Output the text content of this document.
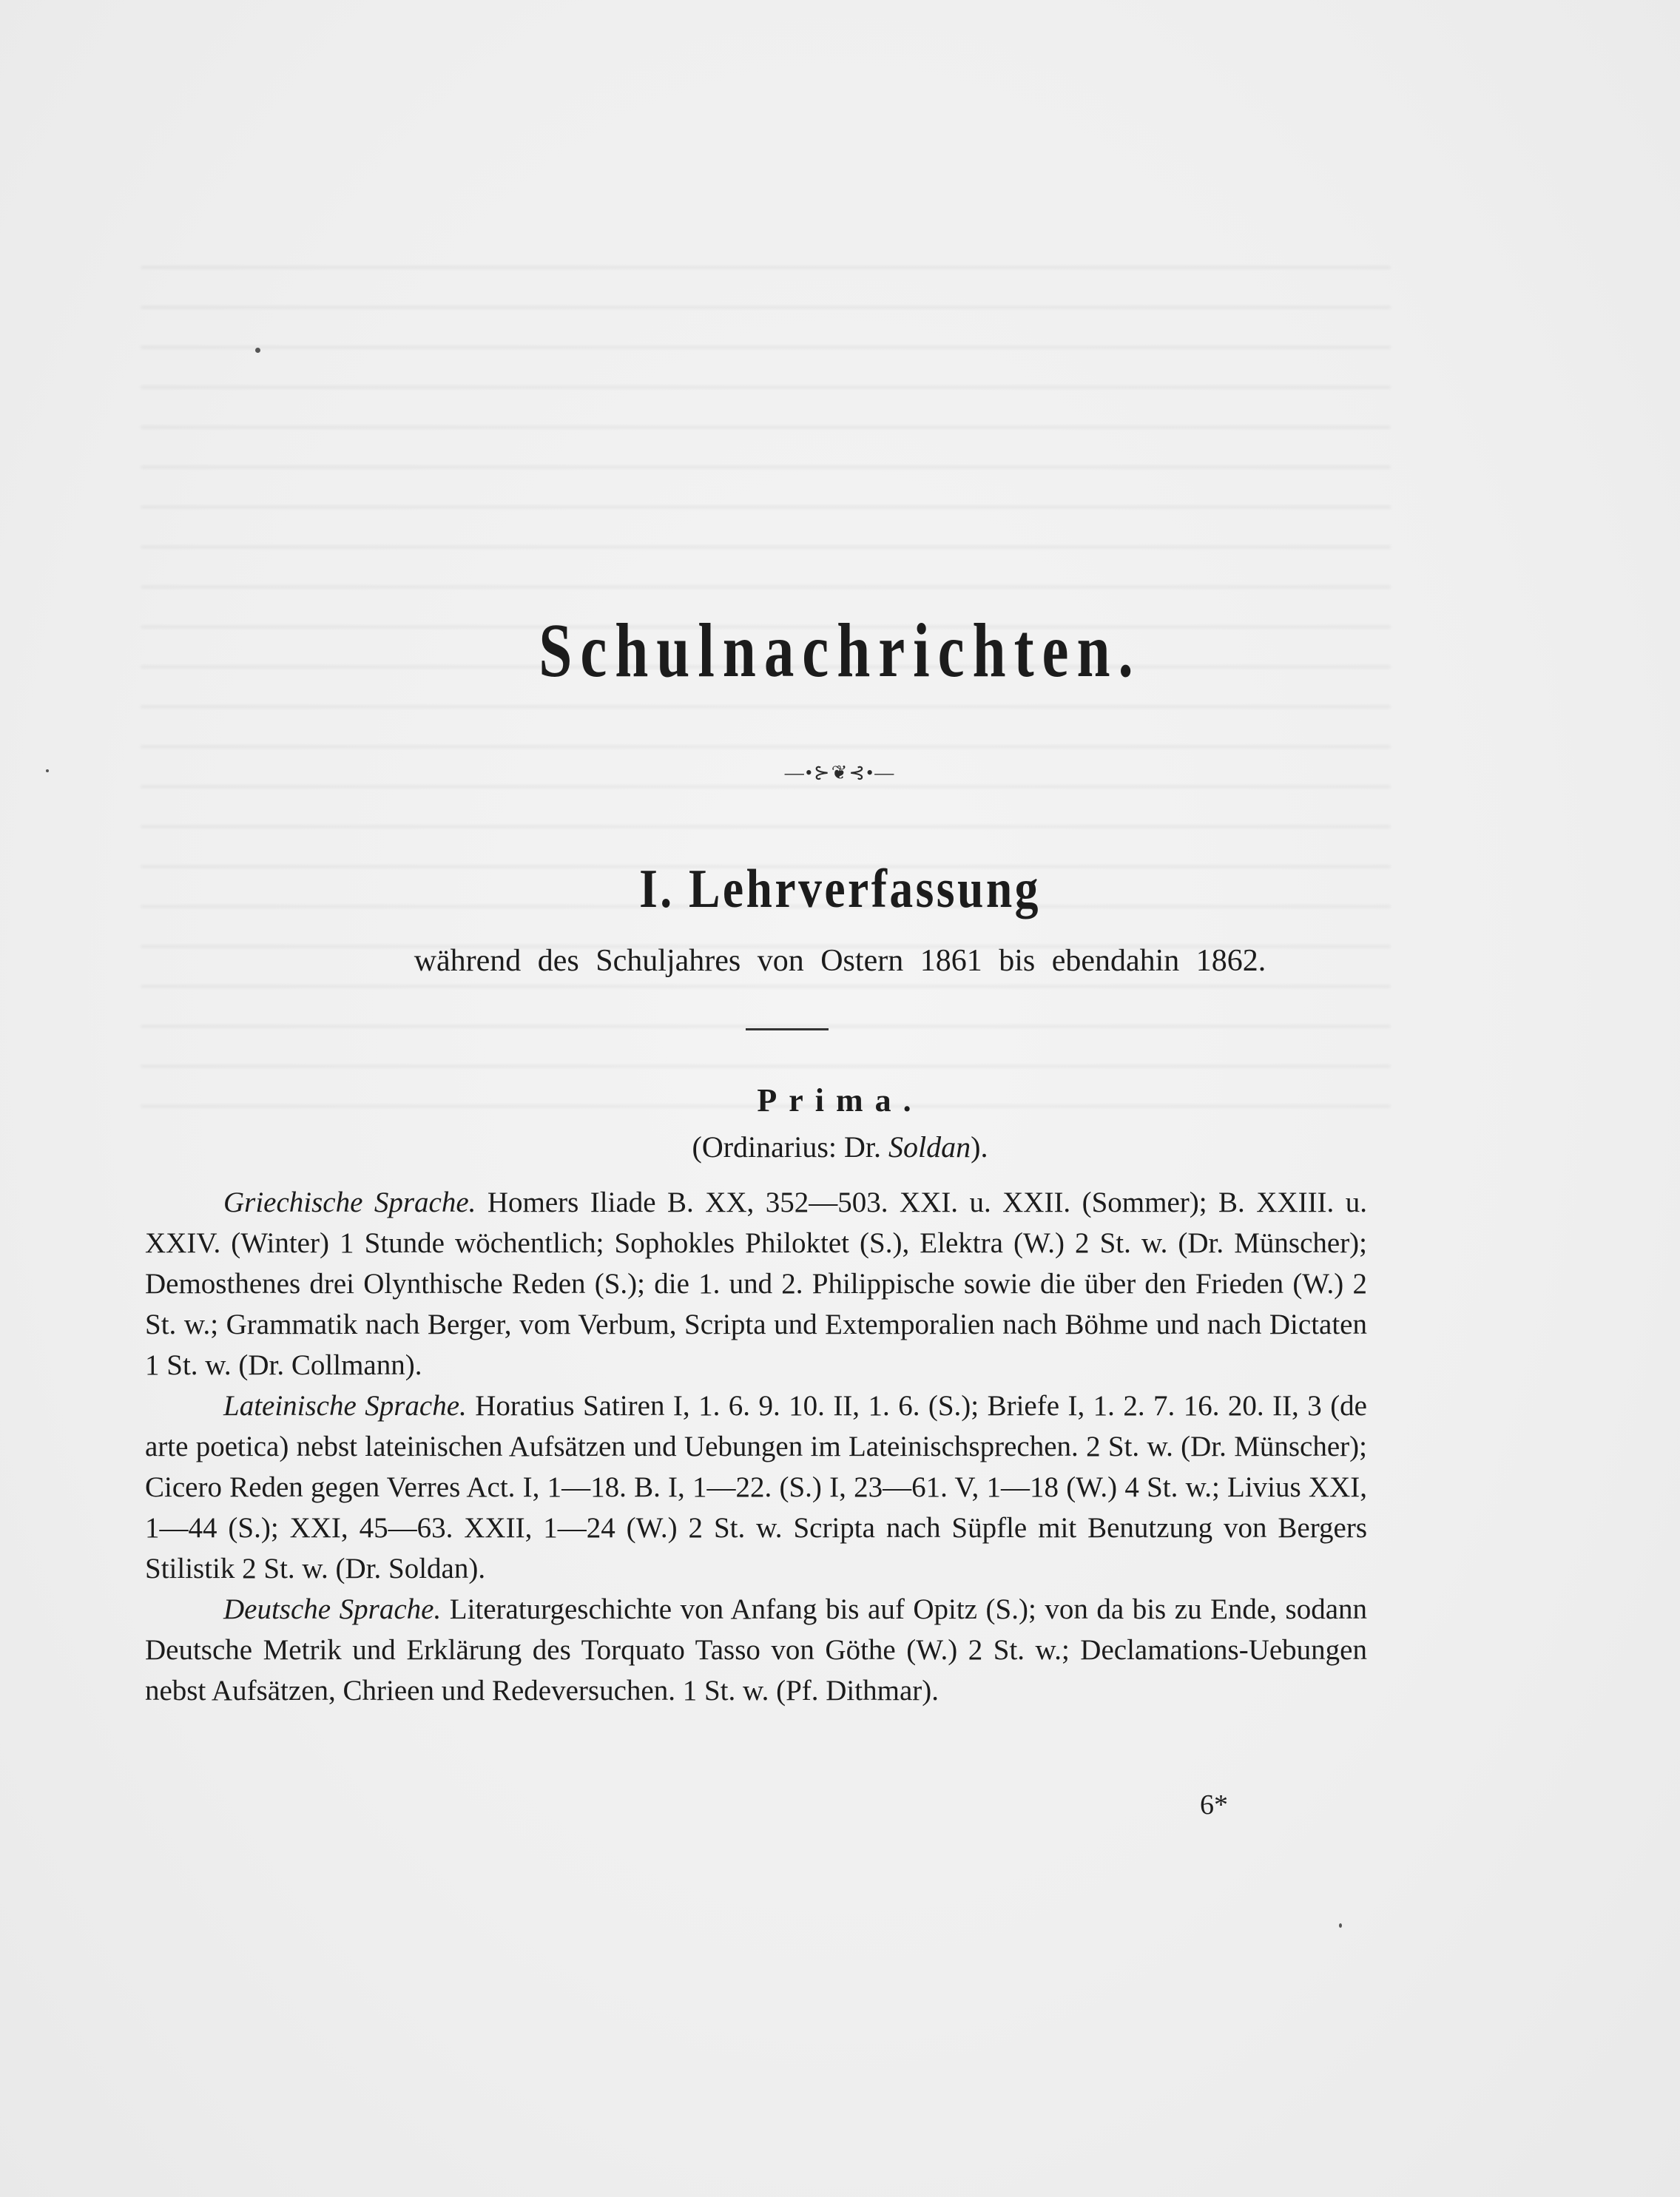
Schulnachrichten.
—•⊱❦⊰•—
I. Lehrverfassung
während des Schuljahres von Ostern 1861 bis ebendahin 1862.
Prima.
(Ordinarius: Dr. Soldan).

Griechische Sprache. Homers Iliade B. XX, 352—503. XXI. u. XXII. (Sommer); B. XXIII. u. XXIV. (Winter) 1 Stunde wöchentlich; Sophokles Philoktet (S.), Elektra (W.) 2 St. w. (Dr. Münscher); Demosthenes drei Olynthische Reden (S.); die 1. und 2. Philippische sowie die über den Frieden (W.) 2 St. w.; Grammatik nach Berger, vom Verbum, Scripta und Extemporalien nach Böhme und nach Dictaten 1 St. w. (Dr. Collmann).

Lateinische Sprache. Horatius Satiren I, 1. 6. 9. 10. II, 1. 6. (S.); Briefe I, 1. 2. 7. 16. 20. II, 3 (de arte poetica) nebst lateinischen Aufsätzen und Uebungen im Lateinischsprechen. 2 St. w. (Dr. Münscher); Cicero Reden gegen Verres Act. I, 1—18. B. I, 1—22. (S.) I, 23—61. V, 1—18 (W.) 4 St. w.; Livius XXI, 1—44 (S.); XXI, 45—63. XXII, 1—24 (W.) 2 St. w. Scripta nach Süpfle mit Benutzung von Bergers Stilistik 2 St. w. (Dr. Soldan).

Deutsche Sprache. Literaturgeschichte von Anfang bis auf Opitz (S.); von da bis zu Ende, sodann Deutsche Metrik und Erklärung des Torquato Tasso von Göthe (W.) 2 St. w.; Declamations-Uebungen nebst Aufsätzen, Chrieen und Redeversuchen. 1 St. w. (Pf. Dithmar).

6*
